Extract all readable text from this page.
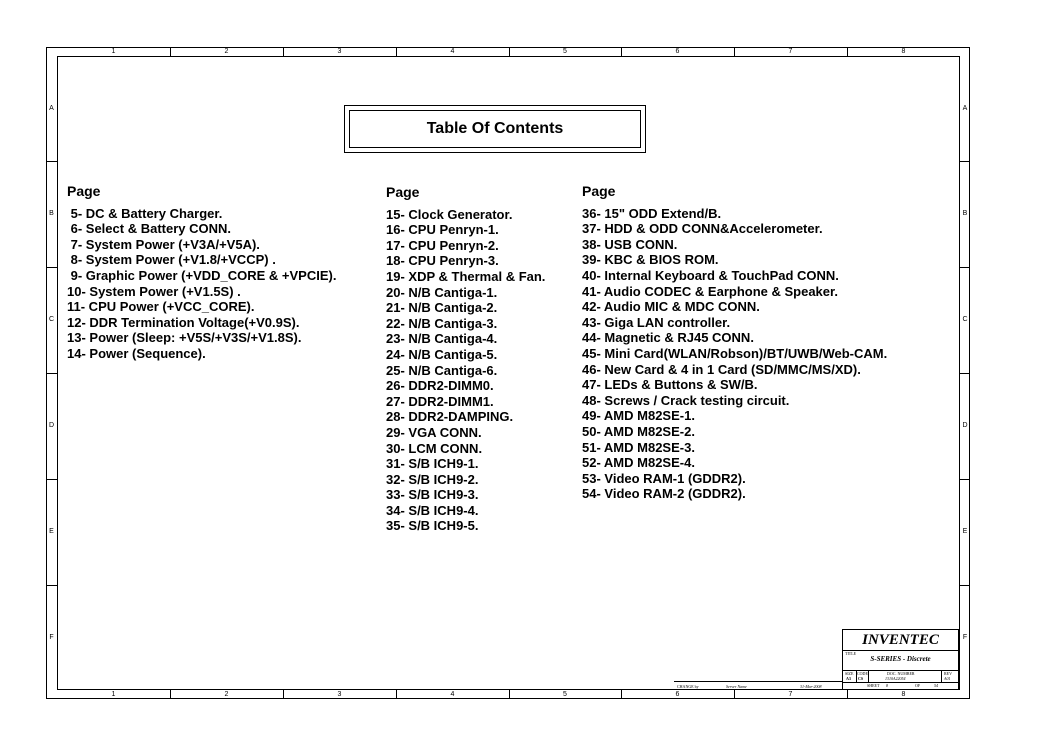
1	2	3	4	5	6	7	8
1	2	3	4	5	6	7	8
A
B
C
D
E
F
A
B
C
D
E
F
Table Of Contents
Page
5- DC & Battery Charger.
6- Select & Battery CONN.
7- System Power (+V3A/+V5A).
8- System Power (+V1.8/+VCCP) .
9- Graphic Power (+VDD_CORE & +VPCIE).
10- System Power (+V1.5S) .
11- CPU Power (+VCC_CORE).
12- DDR Termination Voltage(+V0.9S).
13- Power (Sleep: +V5S/+V3S/+V1.8S).
14- Power (Sequence).
Page
15- Clock Generator.
16- CPU Penryn-1.
17- CPU Penryn-2.
18- CPU Penryn-3.
19- XDP & Thermal & Fan.
20- N/B Cantiga-1.
21- N/B Cantiga-2.
22- N/B Cantiga-3.
23- N/B Cantiga-4.
24- N/B Cantiga-5.
25- N/B Cantiga-6.
26- DDR2-DIMM0.
27- DDR2-DIMM1.
28- DDR2-DAMPING.
29- VGA CONN.
30- LCM CONN.
31- S/B ICH9-1.
32- S/B ICH9-2.
33- S/B ICH9-3.
34- S/B ICH9-4.
35- S/B ICH9-5.
Page
36- 15" ODD Extend/B.
37- HDD & ODD CONN&Accelerometer.
38- USB CONN.
39- KBC & BIOS ROM.
40- Internal Keyboard & TouchPad CONN.
41- Audio CODEC & Earphone & Speaker.
42- Audio MIC & MDC CONN.
43- Giga LAN controller.
44- Magnetic & RJ45 CONN.
45- Mini Card(WLAN/Robson)/BT/UWB/Web-CAM.
46- New Card & 4 in 1 Card (SD/MMC/MS/XD).
47- LEDs & Buttons & SW/B.
48- Screws / Crack testing circuit.
49- AMD M82SE-1.
50- AMD M82SE-2.
51- AMD M82SE-3.
52- AMD M82SE-4.
53- Video RAM-1 (GDDR2).
54- Video RAM-2 (GDDR2).
INVENTEC
TITLE
S-SERIES - Discrete
SIZE
A3
CODE
CS
DOC. NUMBER
1310A22054
REV
A01
SHEET 8	OF	54
CHANGE by	Server Name	31-Mar-2008
